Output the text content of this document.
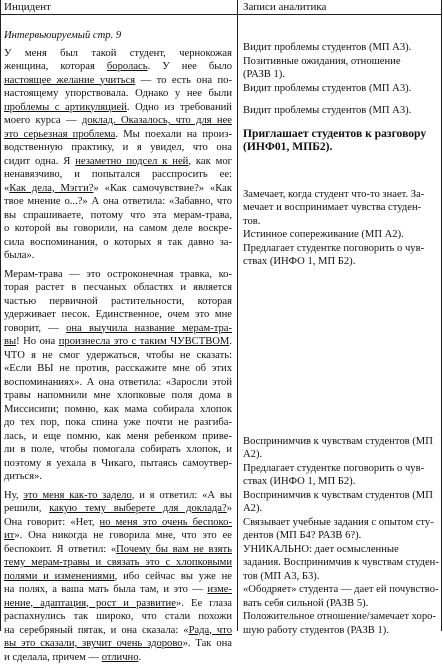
Инцидент	Записи аналитика

Интервьюируемый стр. 9

У меня был такой студент, чернокожая
женщина, которая боролась. У нее было
настоящее желание учиться — то есть она по-
настоящему упорствовала. Однако у нее были
проблемы с артикуляцией. Одно из требований
моего курса — доклад. Оказалось, что для нее
это серьезная проблема. Мы поехали на произ-
водственную практику, и я увидел, что она
сидит одна. Я незаметно подсел к ней, как мог
ненавязчиво, и попытался расспросить ее:
«Как дела, Мэгги?» «Как самочувствие?» «Как
твое мнение о...?» А она ответила: «Забавно, что
вы спрашиваете, потому что эта мерам-трава,
о которой вы говорили, на самом деле воскре-
сила воспоминания, о которых я так давно за-
была».

Мерам-трава — это остроконечная травка, ко-
торая растет в песчаных областях и является
частью первичной растительности, которая
удерживает песок. Единственное, очем это мне
говорит, — она выучила название мерам-тра-
вы! Но она произнесла это с таким ЧУВСТВОМ.
ЧТО я не смог удержаться, чтобы не сказать:
«Если ВЫ не против, расскажите мне об этих
воспоминаниях». А она ответила: «Заросли этой
травы напомнили мне хлопковые поля дома в
Миссисипи; помню, как мама собирала хлопок
до тех пор, пока спина уже почти не разгиба-
лась, и еще помню, как меня ребенком приве-
ли в поле, чтобы помогала собирать хлопок, и
поэтому я уехала в Чикаго, пытаясь самоутвер-
диться».

Ну, это меня как-то задело, и я ответил: «А вы
решили, какую тему выберете для доклада?»
Она говорит: «Нет, но меня это очень беспоко-
ит». Она никогда не говорила мне, что это ее
беспокоит. Я ответил: «Почему бы вам не взять
тему мерам-травы и связать это с хлопковыми
полями и изменениями, ибо сейчас вы уже не
на полях, а ваша мать была там, и это — изме-
нение, адаптация, рост и развитие». Ее глаза
распахнулись так широко, что стали похожи
на серебряный пятак, и она сказала: «Рада, что
вы это сказали, звучит очень здорово». Так она
и сделала, причем — отлично.

Видит проблемы студентов (МП А3).

Позитивные ожидания, отношение
(РАЗВ 1).

Видит проблемы студентов (МП А3).

Видит проблемы студентов (МП А3).

Приглашает студентов к разговору
(ИНФ01, МПБ2).

Замечает, когда студент что-то знает. За-
мечает и воспринимает чувства студен-
тов.

Истинное сопереживание (МП А2).

Предлагает студентке поговорить о чув-
ствах (ИНФО 1, МП Б2).

Воспринимчив к чувствам студентов (МП
А2).

Предлагает студентке поговорить о чув-
ствах (ИНФО 1, МП Б2).

Воспринимчив к чувствам студентов (МП
А2).

Связывает учебные задания с опытом сту-
дентов (МП Б4? РАЗВ 6?).

УНИКАЛЬНО: дает осмысленные
задания. Воспринимчив к чувствам студен-
тов (МП А3, Б3).

«Ободряет» студента — дает ей почувство-
вать себя сильной (РАЗВ 5).

Положительное отношение/замечает хоро-
шую работу студентов (РАЗВ 1).
